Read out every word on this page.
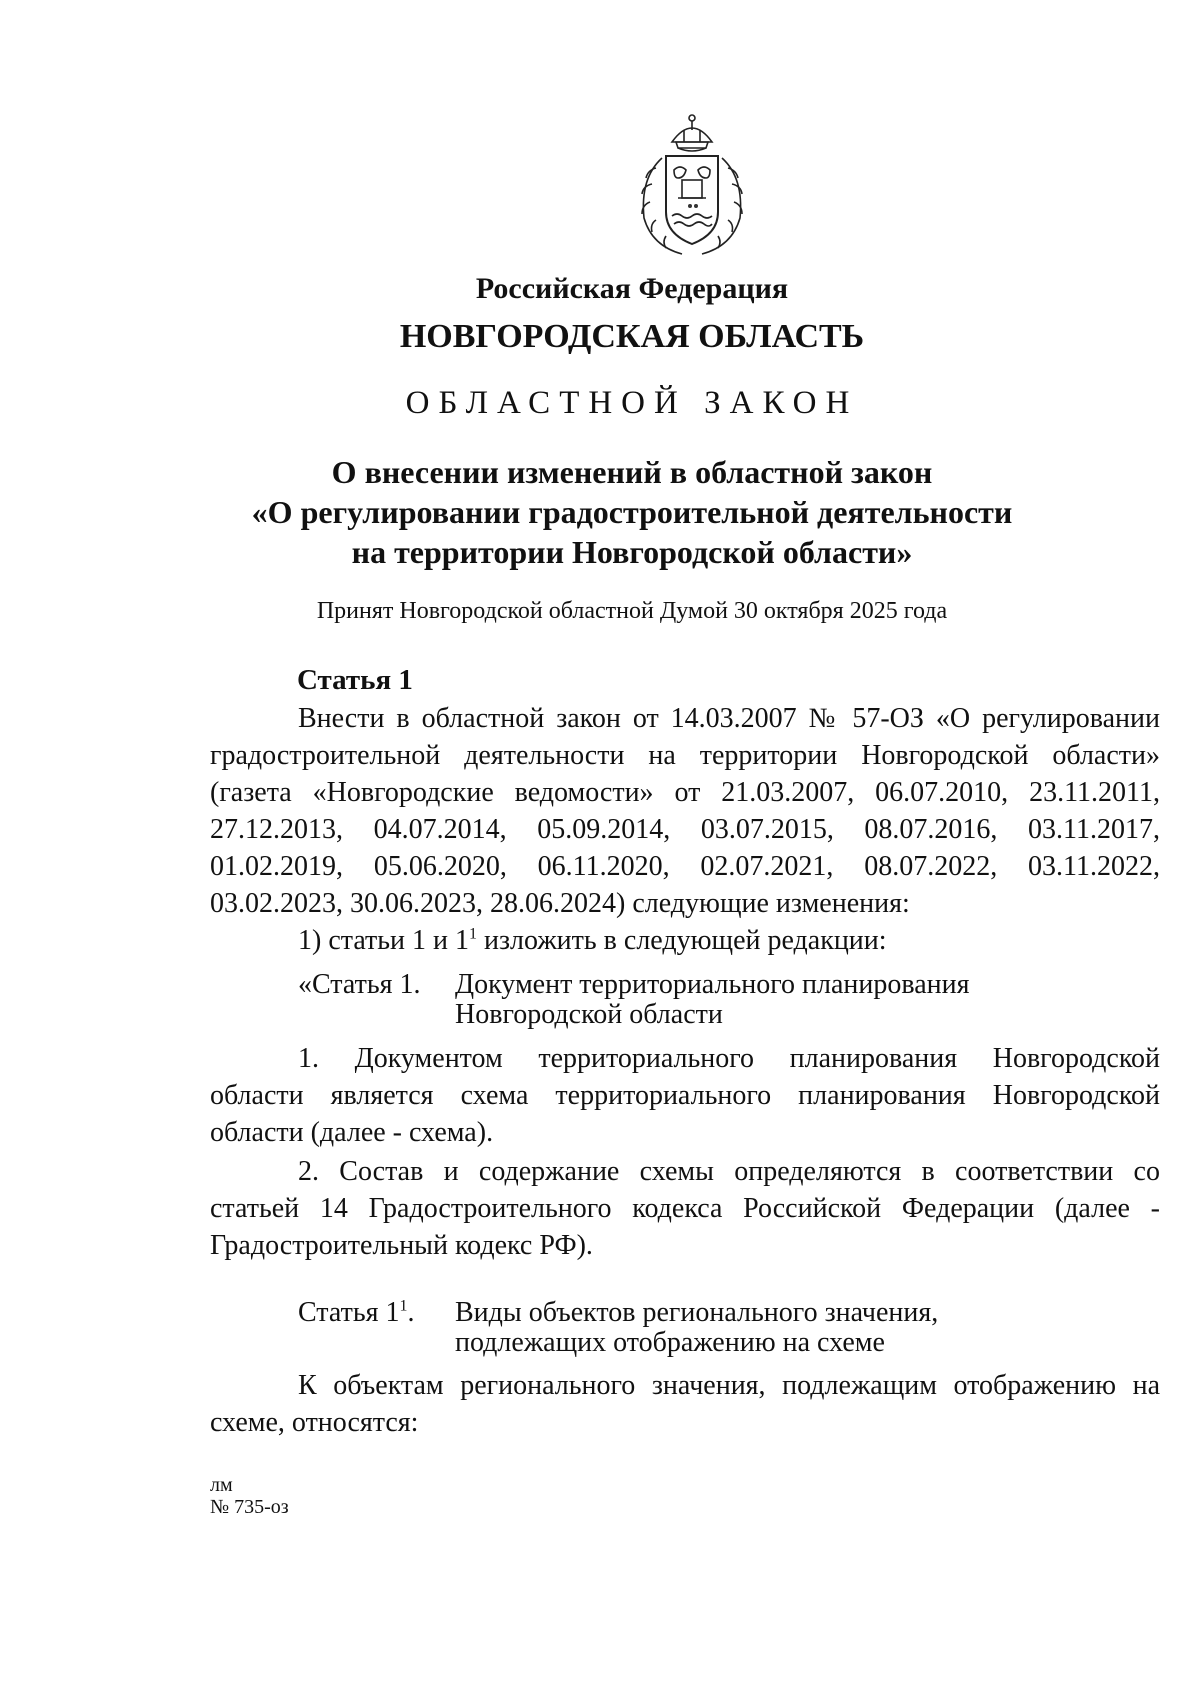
Российская Федерация
НОВГОРОДСКАЯ ОБЛАСТЬ
ОБЛАСТНОЙ ЗАКОН
О внесении изменений в областной закон
«О регулировании градостроительной деятельности
на территории Новгородской области»
Принят Новгородской областной Думой 30 октября 2025 года
Статья 1
Внести в областной закон от 14.03.2007 № 57-ОЗ «О регулировании
градостроительной деятельности на территории Новгородской области»
(газета «Новгородские ведомости» от 21.03.2007, 06.07.2010, 23.11.2011,
27.12.2013, 04.07.2014, 05.09.2014, 03.07.2015, 08.07.2016, 03.11.2017,
01.02.2019, 05.06.2020, 06.11.2020, 02.07.2021, 08.07.2022, 03.11.2022,
03.02.2023, 30.06.2023, 28.06.2024) следующие изменения:
1) статьи 1 и $1^1$ изложить в следующей редакции:
«Статья 1. Документ территориального планирования
Новгородской области
1. Документом территориального планирования Новгородской
области является схема территориального планирования Новгородской
области (далее - схема).
2. Состав и содержание схемы определяются в соответствии со
статьей 14 Градостроительного кодекса Российской Федерации (далее -
Градостроительный кодекс РФ).
Статья $1^1$. Виды объектов регионального значения,
подлежащих отображению на схеме
К объектам регионального значения, подлежащим отображению на
схеме, относятся:
лм
№ 735-оз
